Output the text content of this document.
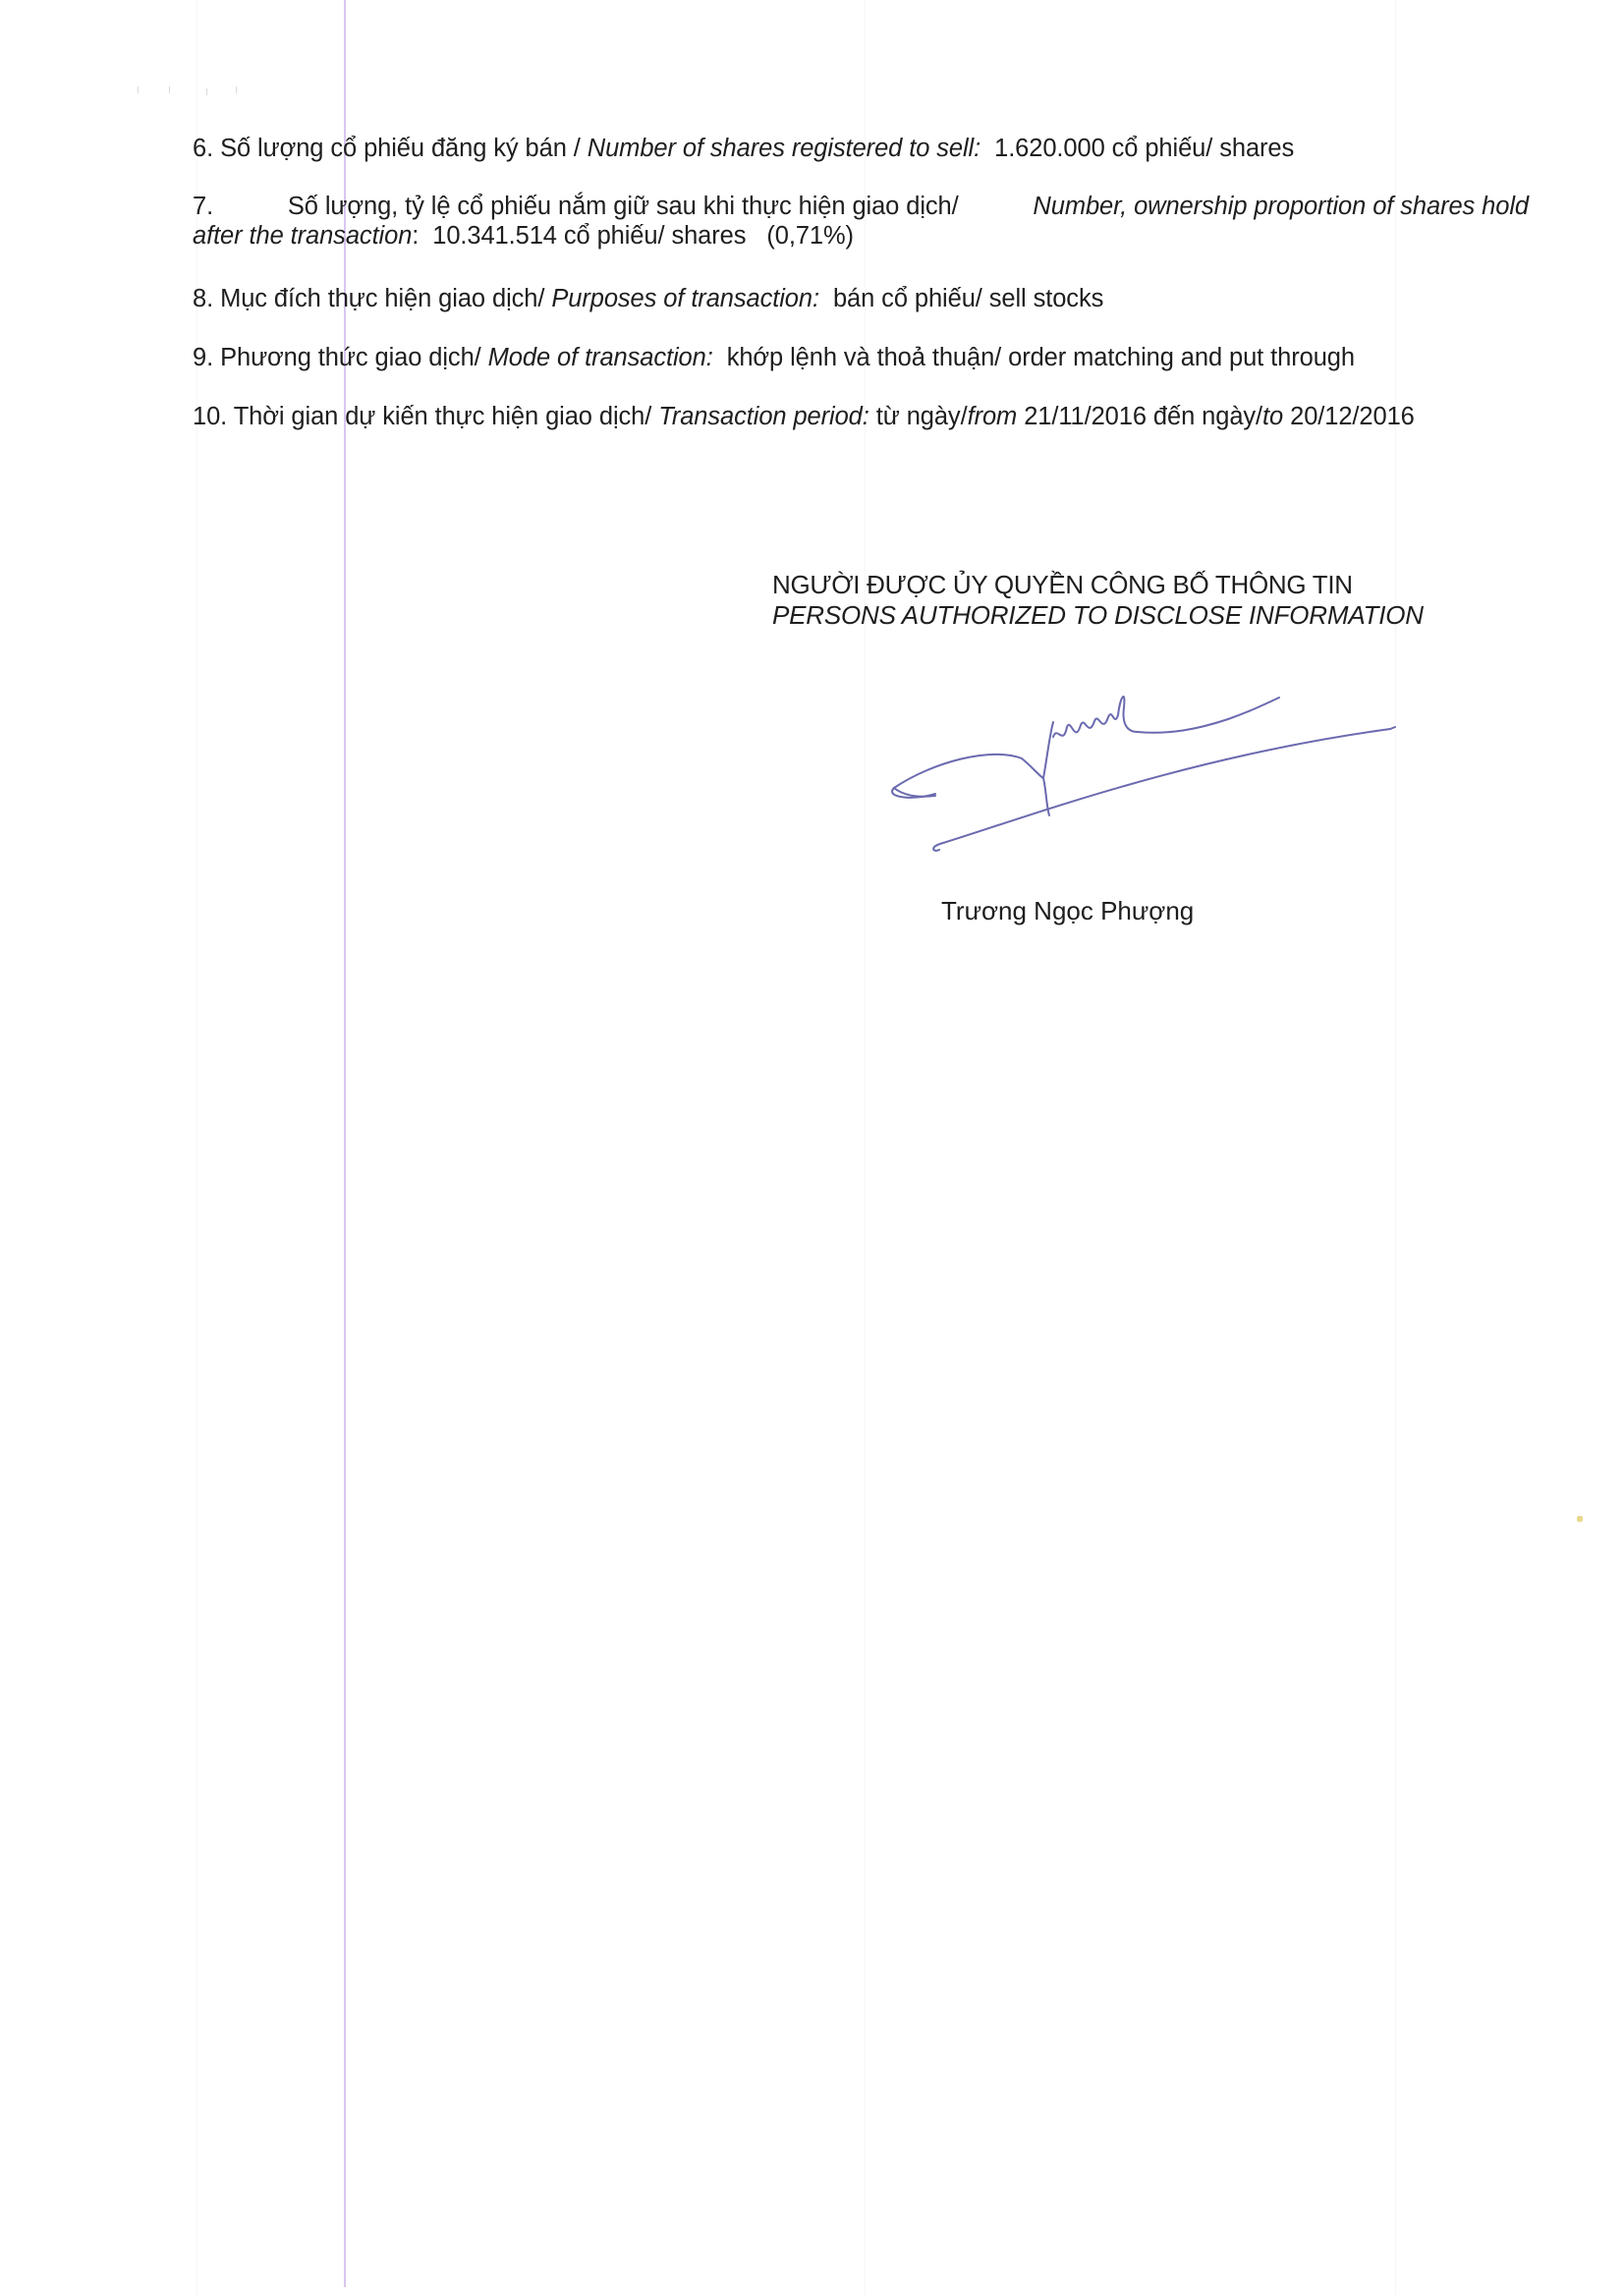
6. Số lượng cổ phiếu đăng ký bán / Number of shares registered to sell: 1.620.000 cổ phiếu/ shares
7.	Số lượng, tỷ lệ cổ phiếu nắm giữ sau khi thực hiện giao dịch/	Number, ownership proportion of shares hold
after the transaction:  10.341.514 cổ phiếu/ shares (0,71%)
8. Mục đích thực hiện giao dịch/ Purposes of transaction: bán cổ phiếu/ sell stocks
9. Phương thức giao dịch/ Mode of transaction: khớp lệnh và thoả thuận/ order matching and put through
10. Thời gian dự kiến thực hiện giao dịch/ Transaction period: từ ngày/from 21/11/2016 đến ngày/to 20/12/2016
NGƯỜI ĐƯỢC ỦY QUYỀN CÔNG BỐ THÔNG TIN
PERSONS AUTHORIZED TO DISCLOSE INFORMATION
Trương Ngọc Phượng
